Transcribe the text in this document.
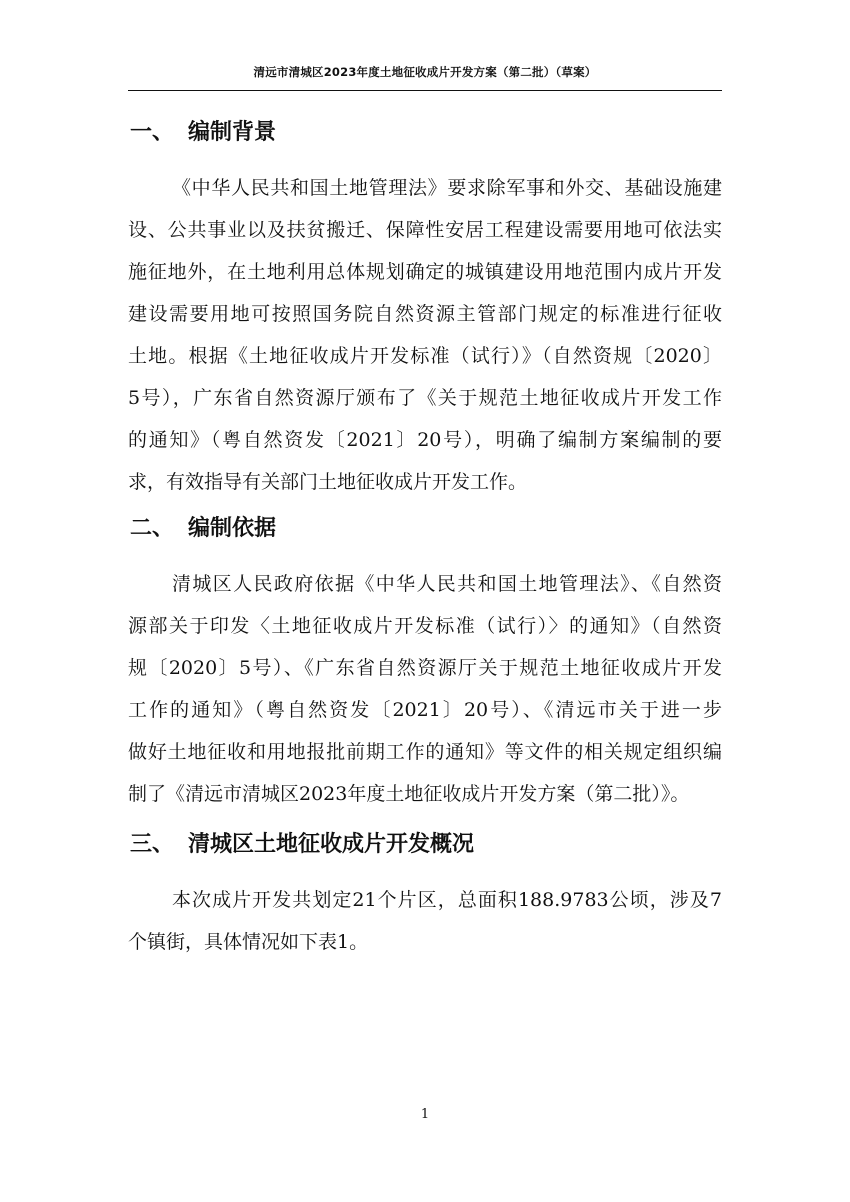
清远市清城区2023年度土地征收成片开发方案（第二批）（草案）
一、 编制背景
《中华人民共和国土地管理法》要求除军事和外交、基础设施建
设、公共事业以及扶贫搬迁、保障性安居工程建设需要用地可依法实
施征地外，在土地利用总体规划确定的城镇建设用地范围内成片开发
建设需要用地可按照国务院自然资源主管部门规定的标准进行征收
土地。根据《土地征收成片开发标准（试行）》（自然资规〔2020〕
5号），广东省自然资源厅颁布了《关于规范土地征收成片开发工作
的通知》（粤自然资发〔2021〕20号），明确了编制方案编制的要
求，有效指导有关部门土地征收成片开发工作。
二、 编制依据
清城区人民政府依据《中华人民共和国土地管理法》、《自然资
源部关于印发〈土地征收成片开发标准（试行）〉的通知》（自然资
规〔2020〕5号）、《广东省自然资源厅关于规范土地征收成片开发
工作的通知》（粤自然资发〔2021〕20号）、《清远市关于进一步
做好土地征收和用地报批前期工作的通知》等文件的相关规定组织编
制了《清远市清城区2023年度土地征收成片开发方案（第二批）》。
三、 清城区土地征收成片开发概况
本次成片开发共划定21个片区，总面积188.9783公顷，涉及7
个镇街，具体情况如下表1。
1
